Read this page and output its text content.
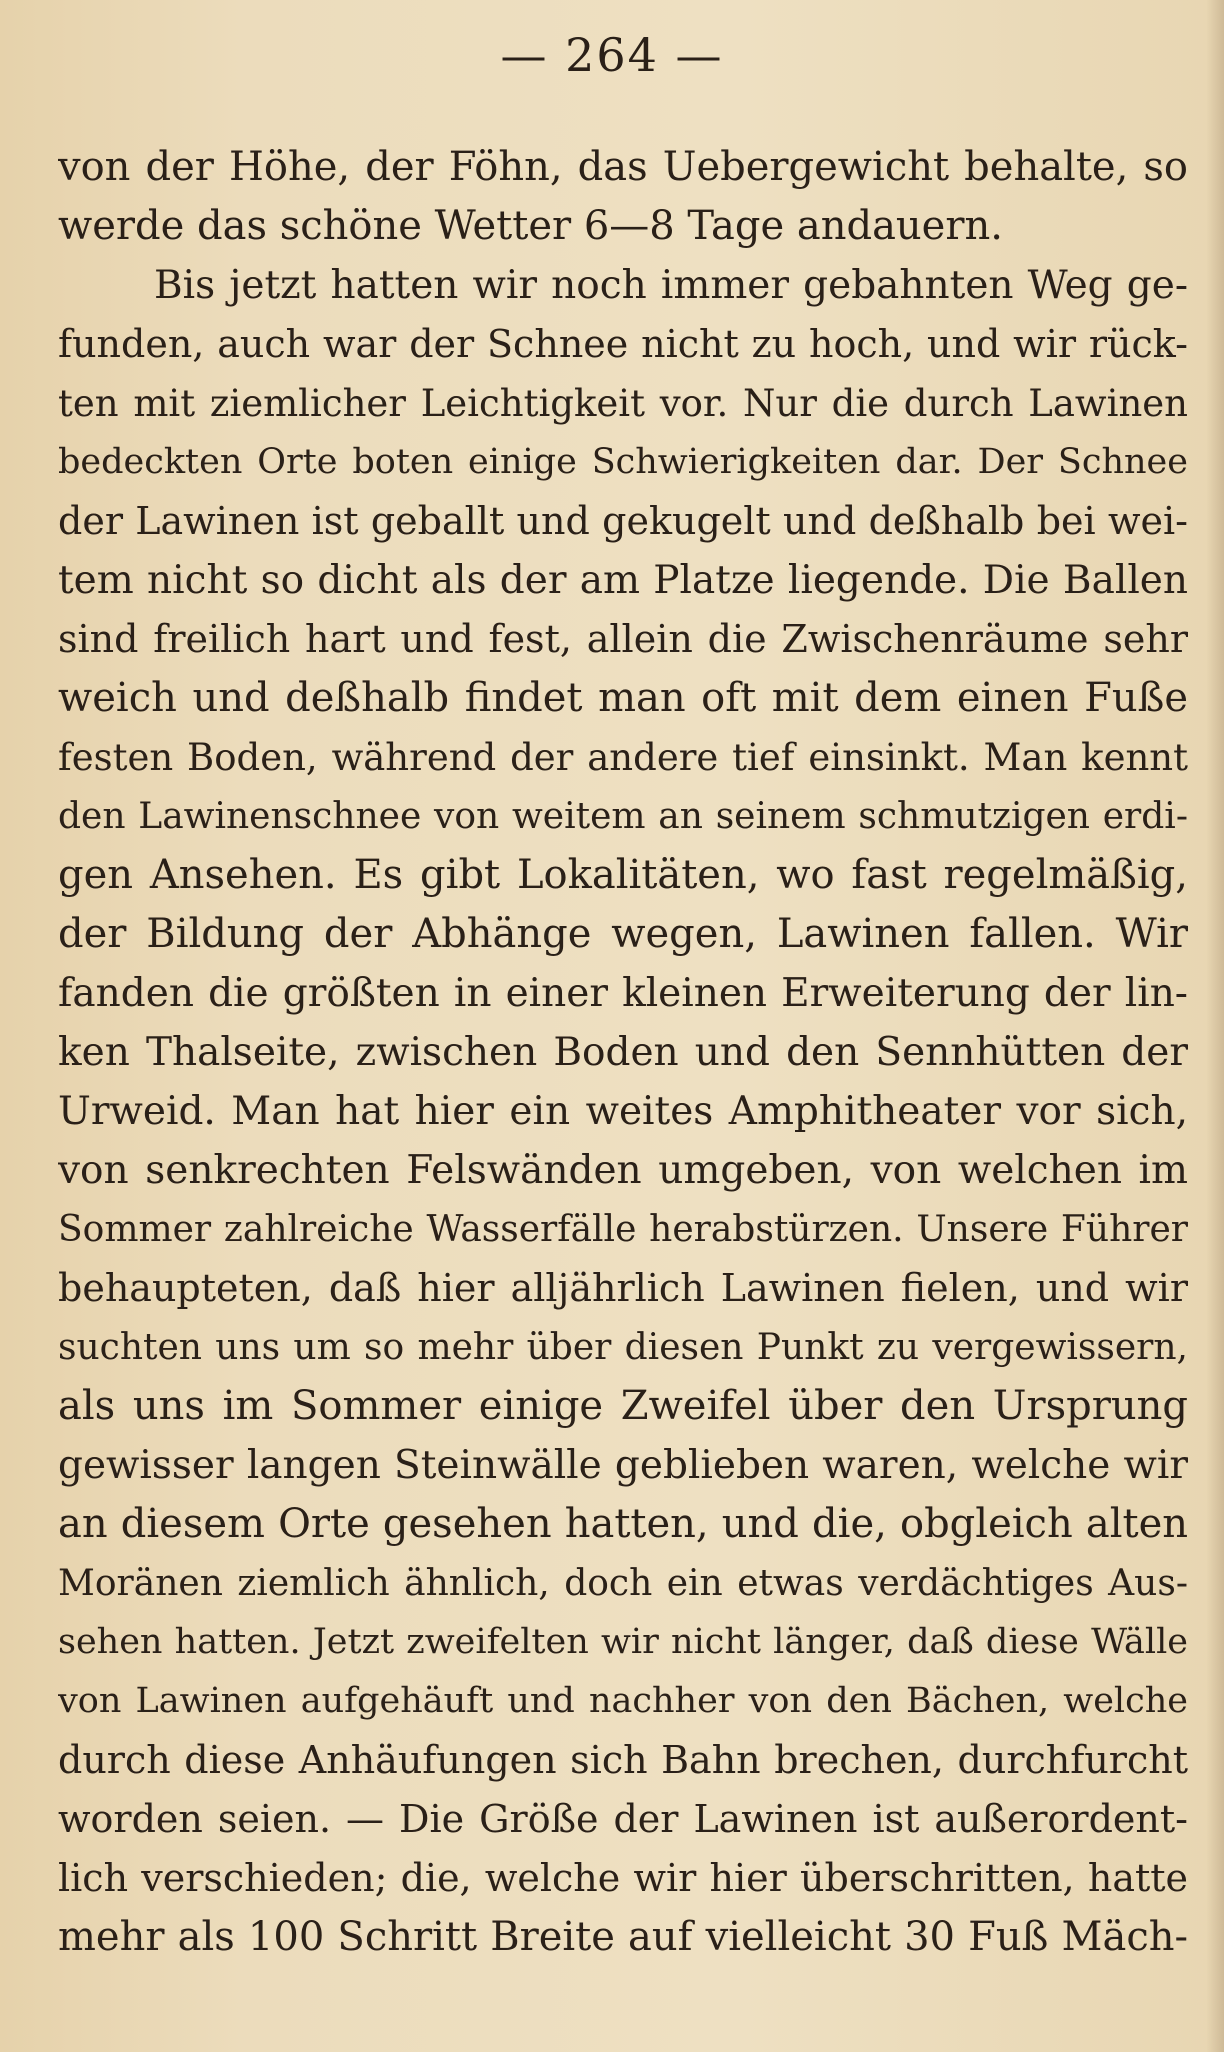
— 264 —
von der Höhe, der Föhn, das Uebergewicht behalte, so
werde das schöne Wetter 6—8 Tage andauern.
Bis jetzt hatten wir noch immer gebahnten Weg ge-
funden, auch war der Schnee nicht zu hoch, und wir rück-
ten mit ziemlicher Leichtigkeit vor. Nur die durch Lawinen
bedeckten Orte boten einige Schwierigkeiten dar. Der Schnee
der Lawinen ist geballt und gekugelt und deßhalb bei wei-
tem nicht so dicht als der am Platze liegende. Die Ballen
sind freilich hart und fest, allein die Zwischenräume sehr
weich und deßhalb findet man oft mit dem einen Fuße
festen Boden, während der andere tief einsinkt. Man kennt
den Lawinenschnee von weitem an seinem schmutzigen erdi-
gen Ansehen. Es gibt Lokalitäten, wo fast regelmäßig,
der Bildung der Abhänge wegen, Lawinen fallen. Wir
fanden die größten in einer kleinen Erweiterung der lin-
ken Thalseite, zwischen Boden und den Sennhütten der
Urweid. Man hat hier ein weites Amphitheater vor sich,
von senkrechten Felswänden umgeben, von welchen im
Sommer zahlreiche Wasserfälle herabstürzen. Unsere Führer
behaupteten, daß hier alljährlich Lawinen fielen, und wir
suchten uns um so mehr über diesen Punkt zu vergewissern,
als uns im Sommer einige Zweifel über den Ursprung
gewisser langen Steinwälle geblieben waren, welche wir
an diesem Orte gesehen hatten, und die, obgleich alten
Moränen ziemlich ähnlich, doch ein etwas verdächtiges Aus-
sehen hatten. Jetzt zweifelten wir nicht länger, daß diese Wälle
von Lawinen aufgehäuft und nachher von den Bächen, welche
durch diese Anhäufungen sich Bahn brechen, durchfurcht
worden seien. — Die Größe der Lawinen ist außerordent-
lich verschieden; die, welche wir hier überschritten, hatte
mehr als 100 Schritt Breite auf vielleicht 30 Fuß Mäch-
